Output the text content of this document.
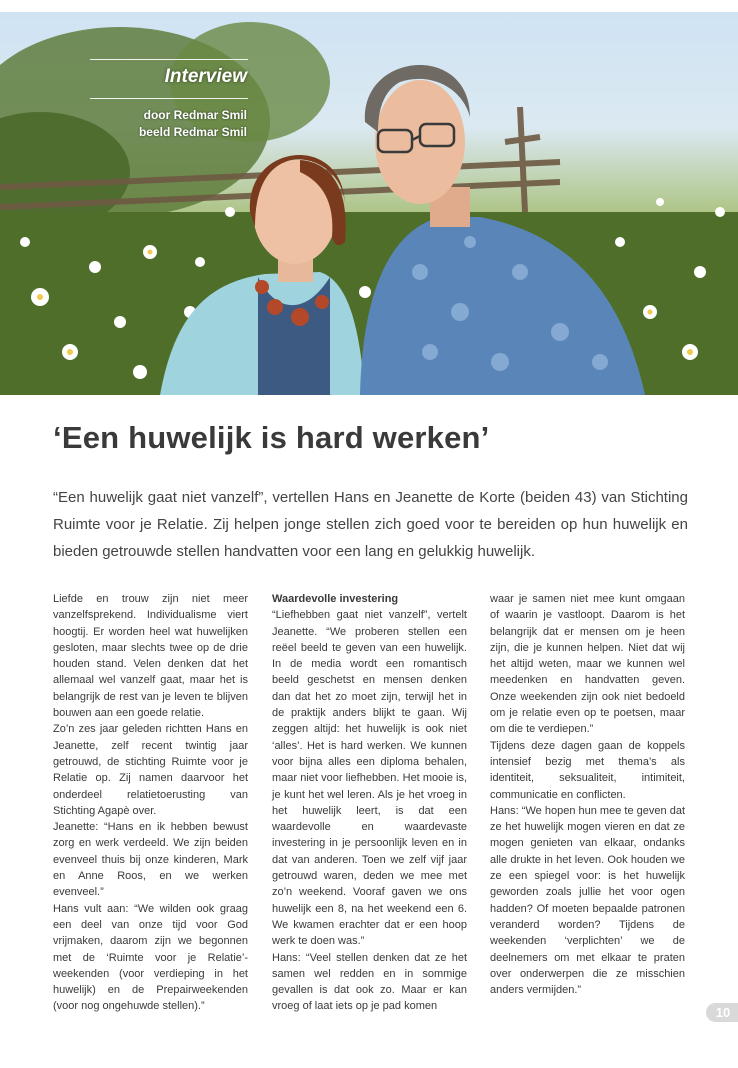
Interview
door Redmar Smil
beeld Redmar Smil
‘Een huwelijk is hard werken’

“Een huwelijk gaat niet vanzelf”, vertellen Hans en Jeanette de Korte (beiden 43) van Stichting Ruimte voor je Relatie. Zij helpen jonge stellen zich goed voor te bereiden op hun huwelijk en bieden getrouwde stellen handvatten voor een lang en gelukkig huwelijk.

Liefde en trouw zijn niet meer vanzelfsprekend. Individualisme viert hoogtij. Er worden heel wat huwelijken gesloten, maar slechts twee op de drie houden stand. Velen denken dat het allemaal wel vanzelf gaat, maar het is belangrijk de rest van je leven te blijven bouwen aan een goede relatie.

Zo’n zes jaar geleden richtten Hans en Jeanette, zelf recent twintig jaar getrouwd, de stichting Ruimte voor je Relatie op. Zij namen daarvoor het onderdeel relatietoerusting van Stichting Agapè over.

Jeanette: “Hans en ik hebben bewust zorg en werk verdeeld. We zijn beiden evenveel thuis bij onze kinderen, Mark en Anne Roos, en we werken evenveel.”

Hans vult aan: “We wilden ook graag een deel van onze tijd voor God vrijmaken, daarom zijn we begonnen met de ‘Ruimte voor je Relatie’-weekenden (voor verdieping in het huwelijk) en de Prepairweekenden (voor nog ongehuwde stellen).”

Waardevolle investering

“Liefhebben gaat niet vanzelf”, vertelt Jeanette. “We proberen stellen een reëel beeld te geven van een huwelijk. In de media wordt een romantisch beeld geschetst en mensen denken dan dat het zo moet zijn, terwijl het in de praktijk anders blijkt te gaan. Wij zeggen altijd: het huwelijk is ook niet ‘alles’. Het is hard werken. We kunnen voor bijna alles een diploma behalen, maar niet voor liefhebben. Het mooie is, je kunt het wel leren. Als je het vroeg in het huwelijk leert, is dat een waardevolle en waardevaste investering in je persoonlijk leven en in dat van anderen. Toen we zelf vijf jaar getrouwd waren, deden we mee met zo’n weekend. Vooraf gaven we ons huwelijk een 8, na het weekend een 6. We kwamen erachter dat er een hoop werk te doen was.”

Hans: “Veel stellen denken dat ze het samen wel redden en in sommige gevallen is dat ook zo. Maar er kan vroeg of laat iets op je pad komen

waar je samen niet mee kunt omgaan of waarin je vastloopt. Daarom is het belangrijk dat er mensen om je heen zijn, die je kunnen helpen. Niet dat wij het altijd weten, maar we kunnen wel meedenken en handvatten geven. Onze weekenden zijn ook niet bedoeld om je relatie even op te poetsen, maar om die te verdiepen.”

Tijdens deze dagen gaan de koppels intensief bezig met thema’s als identiteit, seksualiteit, intimiteit, communicatie en conflicten.

Hans: “We hopen hun mee te geven dat ze het huwelijk mogen vieren en dat ze mogen genieten van elkaar, ondanks alle drukte in het leven. Ook houden we ze een spiegel voor: is het huwelijk geworden zoals jullie het voor ogen hadden? Of moeten bepaalde patronen veranderd worden? Tijdens de weekenden ‘verplichten’ we de deelnemers om met elkaar te praten over onderwerpen die ze misschien anders vermijden.”

10
